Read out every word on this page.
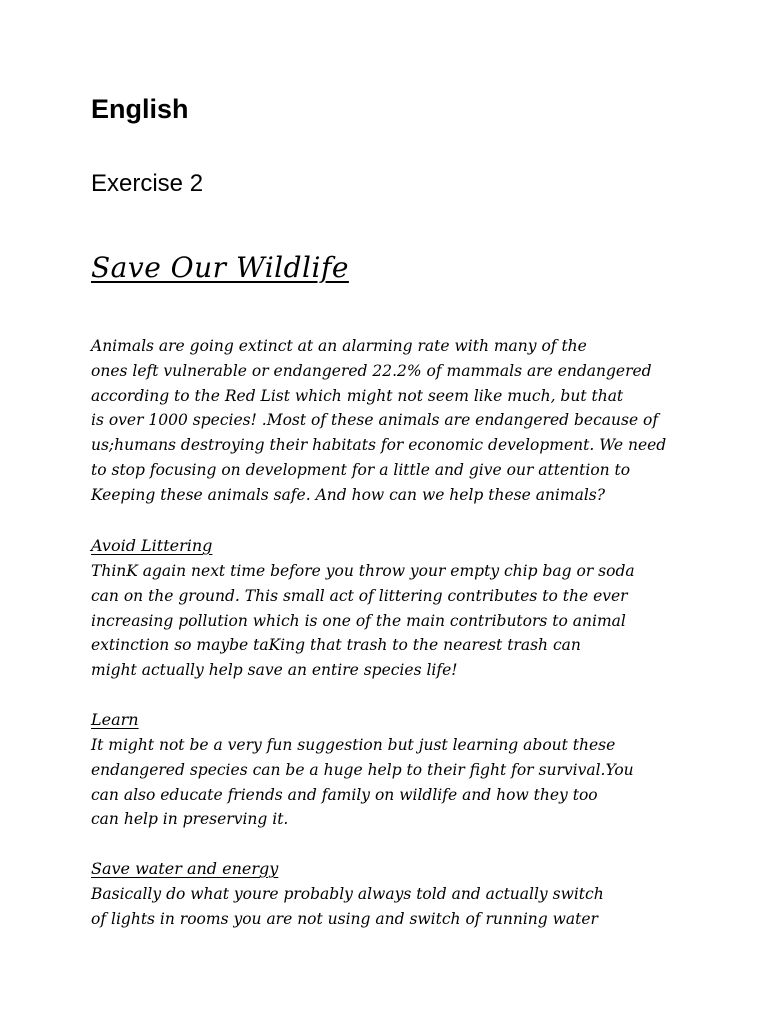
English
Exercise 2
Save Our Wildlife

Animals are going extinct at an alarming rate with many of the
ones left vulnerable or endangered 22.2% of mammals are endangered
according to the Red List which might not seem like much, but that
is over 1000 species! .Most of these animals are endangered because of
us;humans destroying their habitats for economic development. We need
to stop focusing on development for a little and give our attention to
Keeping these animals safe. And how can we help these animals?

Avoid Littering

ThinK again next time before you throw your empty chip bag or soda
can on the ground. This small act of littering contributes to the ever
increasing pollution which is one of the main contributors to animal
extinction so maybe taKing that trash to the nearest trash can
might actually help save an entire species life!

Learn

It might not be a very fun suggestion but just learning about these
endangered species can be a huge help to their fight for survival.You
can also educate friends and family on wildlife and how they too
can help in preserving it.

Save water and energy

Basically do what youre probably always told and actually switch
of lights in rooms you are not using and switch of running water
